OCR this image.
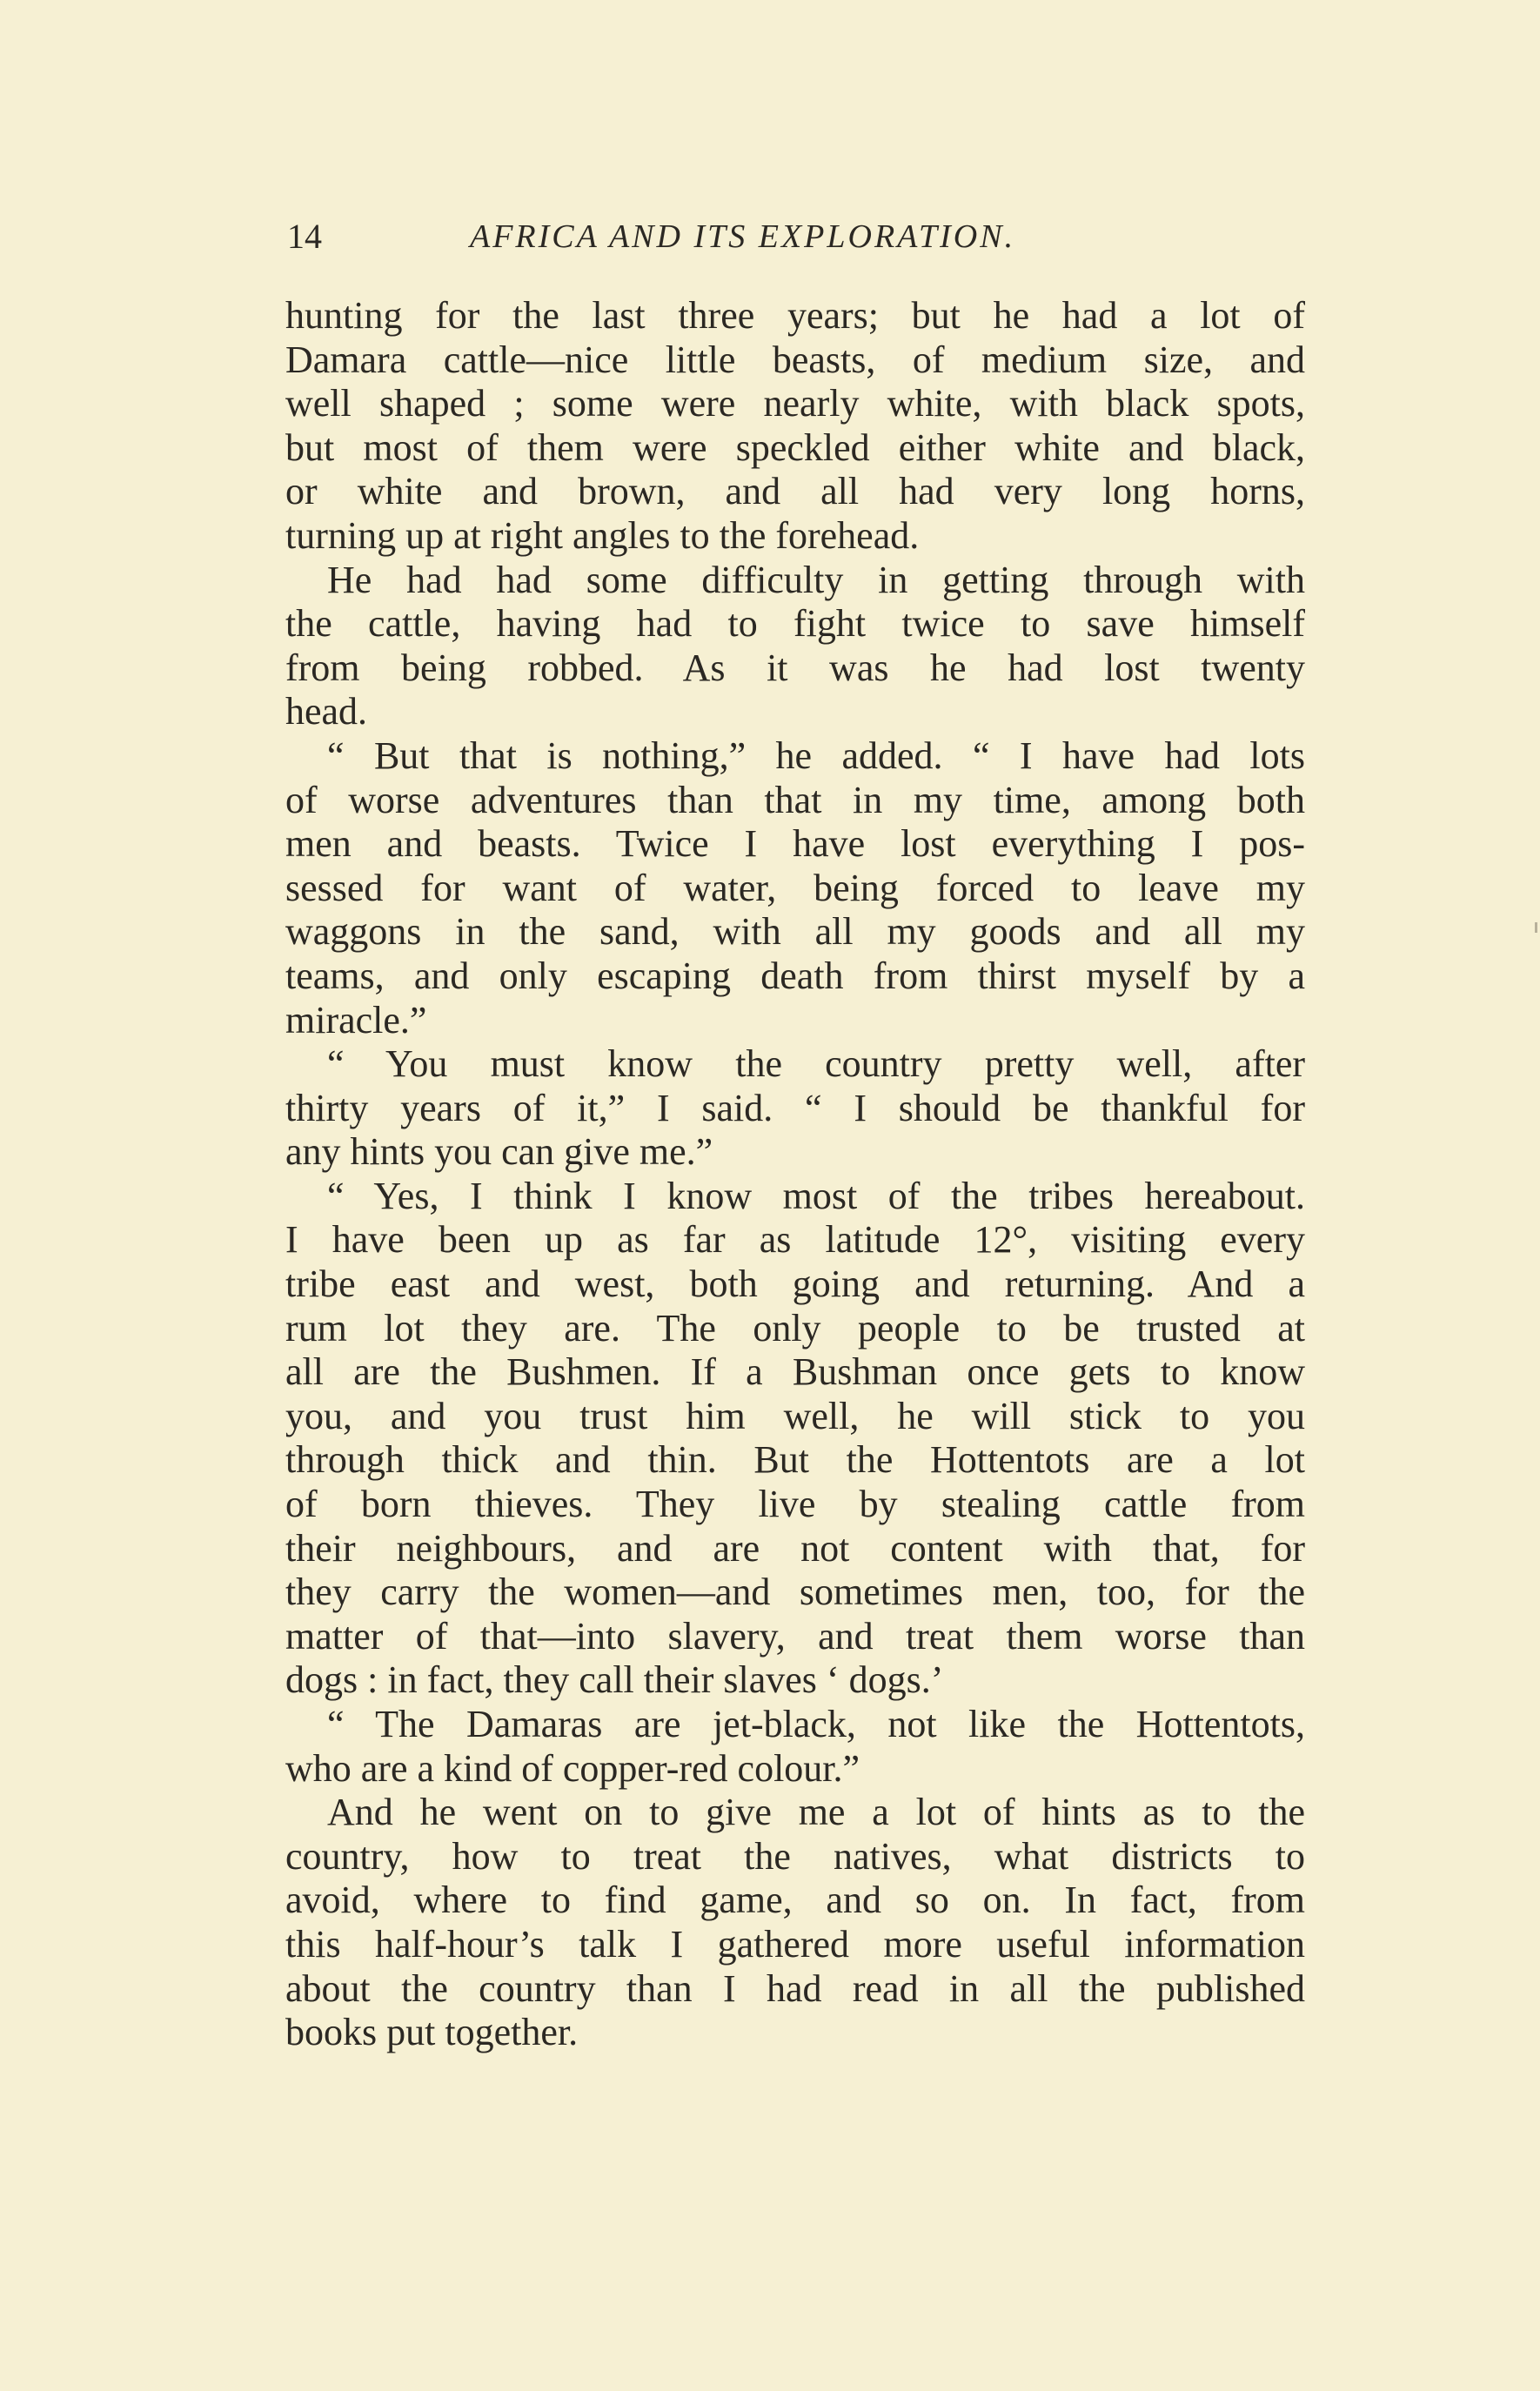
14	AFRICA AND ITS EXPLORATION.
hunting for the last three years; but he had a lot of
Damara cattle—nice little beasts, of medium size, and
well shaped ; some were nearly white, with black spots,
but most of them were speckled either white and black,
or white and brown, and all had very long horns,
turning up at right angles to the forehead.
He had had some difficulty in getting through with
the cattle, having had to fight twice to save himself
from being robbed. As it was he had lost twenty
head.
“ But that is nothing,” he added. “ I have had lots
of worse adventures than that in my time, among both
men and beasts. Twice I have lost everything I pos-
sessed for want of water, being forced to leave my
waggons in the sand, with all my goods and all my
teams, and only escaping death from thirst myself by a
miracle.”
“ You must know the country pretty well, after
thirty years of it,” I said. “ I should be thankful for
any hints you can give me.”
“ Yes, I think I know most of the tribes hereabout.
I have been up as far as latitude 12°, visiting every
tribe east and west, both going and returning. And a
rum lot they are. The only people to be trusted at
all are the Bushmen. If a Bushman once gets to know
you, and you trust him well, he will stick to you
through thick and thin. But the Hottentots are a lot
of born thieves. They live by stealing cattle from
their neighbours, and are not content with that, for
they carry the women—and sometimes men, too, for the
matter of that—into slavery, and treat them worse than
dogs : in fact, they call their slaves ‘ dogs.’
“ The Damaras are jet-black, not like the Hottentots,
who are a kind of copper-red colour.”
And he went on to give me a lot of hints as to the
country, how to treat the natives, what districts to
avoid, where to find game, and so on. In fact, from
this half-hour’s talk I gathered more useful information
about the country than I had read in all the published
books put together.
